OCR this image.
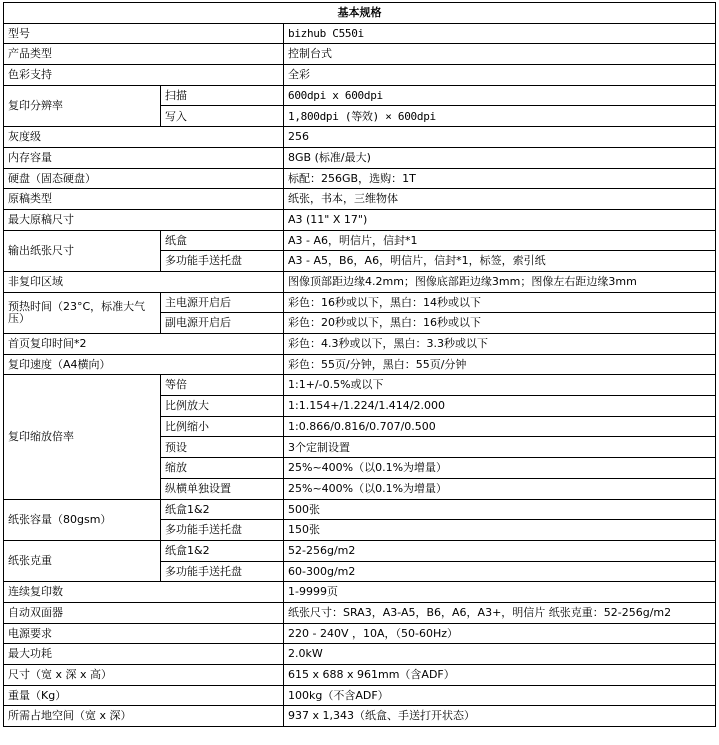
基本规格		
型号		bizhub C550i
产品类型		控制台式
色彩支持		全彩
复印分辨率	扫描	600dpi x 600dpi
	写入	1,800dpi (等效) × 600dpi
灰度级		256
内存容量		8GB (标准/最大)
硬盘（固态硬盘）		标配：256GB，选购：1T
原稿类型		纸张，书本，三维物体
最大原稿尺寸		A3 (11" X 17")
输出纸张尺寸	纸盒	A3 - A6，明信片，信封*1
	多功能手送托盘	A3 - A5，B6，A6，明信片，信封*1，标签，索引纸
非复印区域		图像顶部距边缘4.2mm；图像底部距边缘3mm；图像左右距边缘3mm
预热时间（23°C，标准大气压）	主电源开启后	彩色：16秒或以下，黑白：14秒或以下
	副电源开启后	彩色：20秒或以下，黑白：16秒或以下
首页复印时间*2		彩色：4.3秒或以下，黑白：3.3秒或以下
复印速度（A4横向）		彩色：55页/分钟，黑白：55页/分钟
复印缩放倍率	等倍	1:1+/-0.5%或以下
	比例放大	1:1.154+/1.224/1.414/2.000
	比例缩小	1:0.866/0.816/0.707/0.500
	预设	3个定制设置
	缩放	25%~400%（以0.1%为增量）
	纵横单独设置	25%~400%（以0.1%为增量）
纸张容量（80gsm）	纸盒1&2	500张
	多功能手送托盘	150张
纸张克重	纸盒1&2	52-256g/m2
	多功能手送托盘	60-300g/m2
连续复印数		1-9999页
自动双面器		纸张尺寸：SRA3，A3-A5，B6，A6，A3+，明信片 纸张克重：52-256g/m2
电源要求		220 - 240V ，10A，（50-60Hz）
最大功耗		2.0kW
尺寸（宽 x 深 x 高）		615 x 688 x 961mm（含ADF）
重量（Kg）		100kg（不含ADF）
所需占地空间（宽 x 深）		937 x 1,343（纸盒、手送打开状态）
